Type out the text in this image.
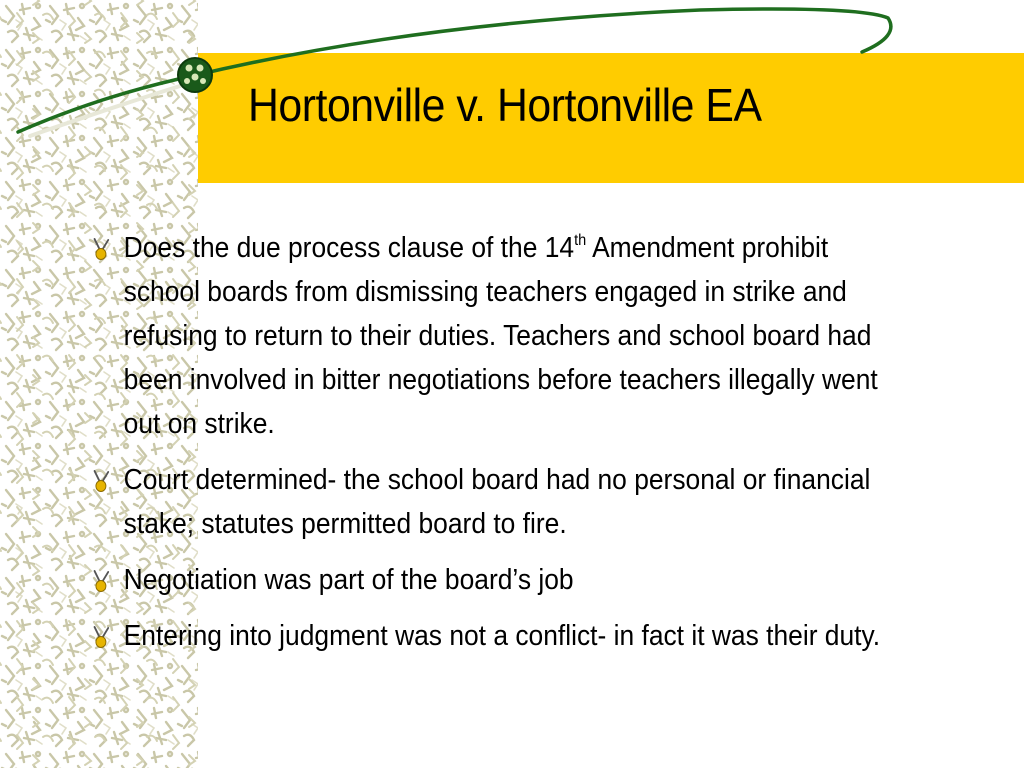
Hortonville v. Hortonville EA
Does the due process clause of the 14th Amendment prohibit school boards from dismissing teachers engaged in strike and refusing to return to their duties. Teachers and school board had been involved in bitter negotiations before teachers illegally went out on strike.
Court determined- the school board had no personal or financial stake; statutes permitted board to fire.
Negotiation was part of the board’s job
Entering into judgment was not a conflict- in fact it was their duty.
